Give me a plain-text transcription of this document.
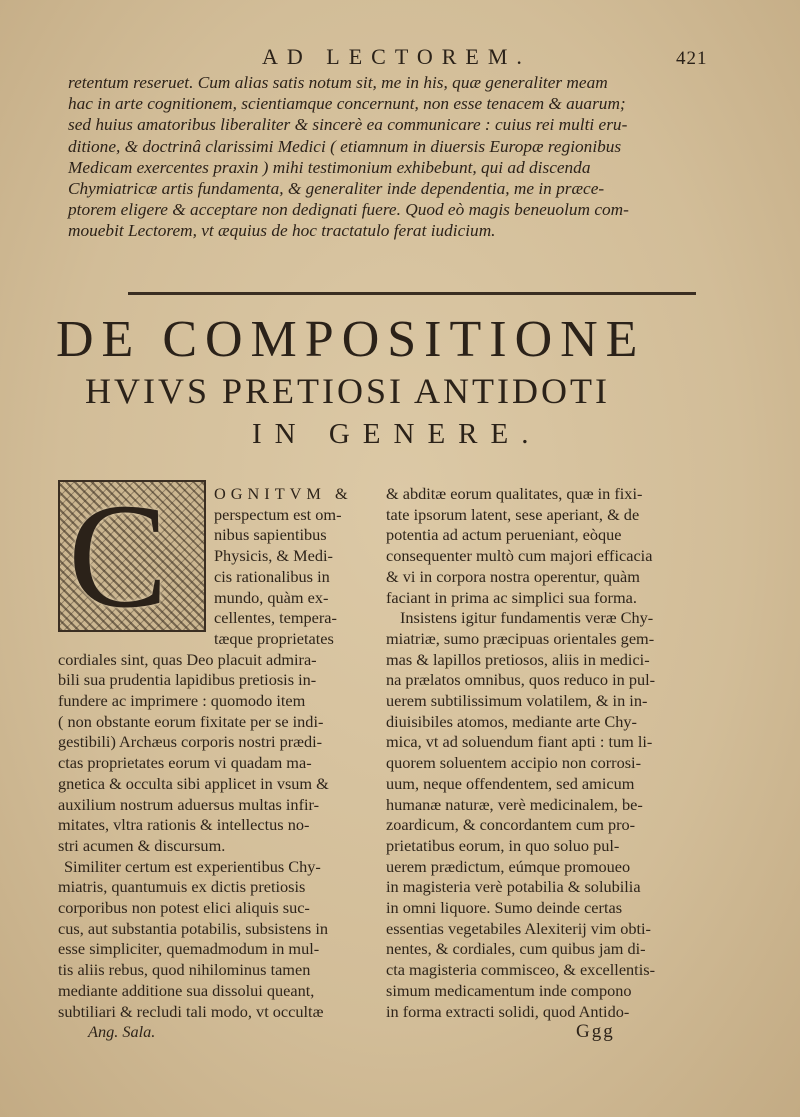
AD LECTOREM.	421
retentum reseruet. Cum alias satis notum sit, me in his, quæ generaliter meam
hac in arte cognitionem, scientiamque concernunt, non esse tenacem & auarum;
sed huius amatoribus liberaliter & sincerè ea communicare : cuius rei multi eru-
ditione, & doctrinâ clarissimi Medici ( etiamnum in diuersis Europæ regionibus
Medicam exercentes praxin ) mihi testimonium exhibebunt, qui ad discenda
Chymiatricæ artis fundamenta, & generaliter inde dependentia, me in præce-
ptorem eligere & acceptare non dedignati fuere. Quod eò magis beneuolum com-
mouebit Lectorem, vt æquius de hoc tractatulo ferat iudicium.
DE COMPOSITIONE
HVIVS PRETIOSI ANTIDOTI
IN GENERE.
C	OGNITVM &
perspectum est om-
nibus sapientibus
Physicis, & Medi-
cis rationalibus in
mundo, quàm ex-
cellentes, tempera-
tæque proprietates
cordiales sint, quas Deo placuit admira-
bili sua prudentia lapidibus pretiosis in-
fundere ac imprimere : quomodo item
( non obstante eorum fixitate per se indi-
gestibili) Archæus corporis nostri prædi-
ctas proprietates eorum vi quadam ma-
gnetica & occulta sibi applicet in vsum &
auxilium nostrum aduersus multas infir-
mitates, vltra rationis & intellectus no-
stri acumen & discursum.
Similiter certum est experientibus Chy-
miatris, quantumuis ex dictis pretiosis
corporibus non potest elici aliquis suc-
cus, aut substantia potabilis, subsistens in
esse simpliciter, quemadmodum in mul-
tis aliis rebus, quod nihilominus tamen
mediante additione sua dissolui queant,
subtiliari & recludi tali modo, vt occultæ
Ang. Sala.
& abditæ eorum qualitates, quæ in fixi-
tate ipsorum latent, sese aperiant, & de
potentia ad actum perueniant, eòque
consequenter multò cum majori efficacia
& vi in corpora nostra operentur, quàm
faciant in prima ac simplici sua forma.
Insistens igitur fundamentis veræ Chy-
miatriæ, sumo præcipuas orientales gem-
mas & lapillos pretiosos, aliis in medici-
na prælatos omnibus, quos reduco in pul-
uerem subtilissimum volatilem, & in in-
diuisibiles atomos, mediante arte Chy-
mica, vt ad soluendum fiant apti : tum li-
quorem soluentem accipio non corrosi-
uum, neque offendentem, sed amicum
humanæ naturæ, verè medicinalem, be-
zoardicum, & concordantem cum pro-
prietatibus eorum, in quo soluo pul-
uerem prædictum, eúmque promoueo
in magisteria verè potabilia & solubilia
in omni liquore. Sumo deinde certas
essentias vegetabiles Alexiterij vim obti-
nentes, & cordiales, cum quibus jam di-
cta magisteria commisceo, & excellentis-
simum medicamentum inde compono
in forma extracti solidi, quod Antido-
Ggg
